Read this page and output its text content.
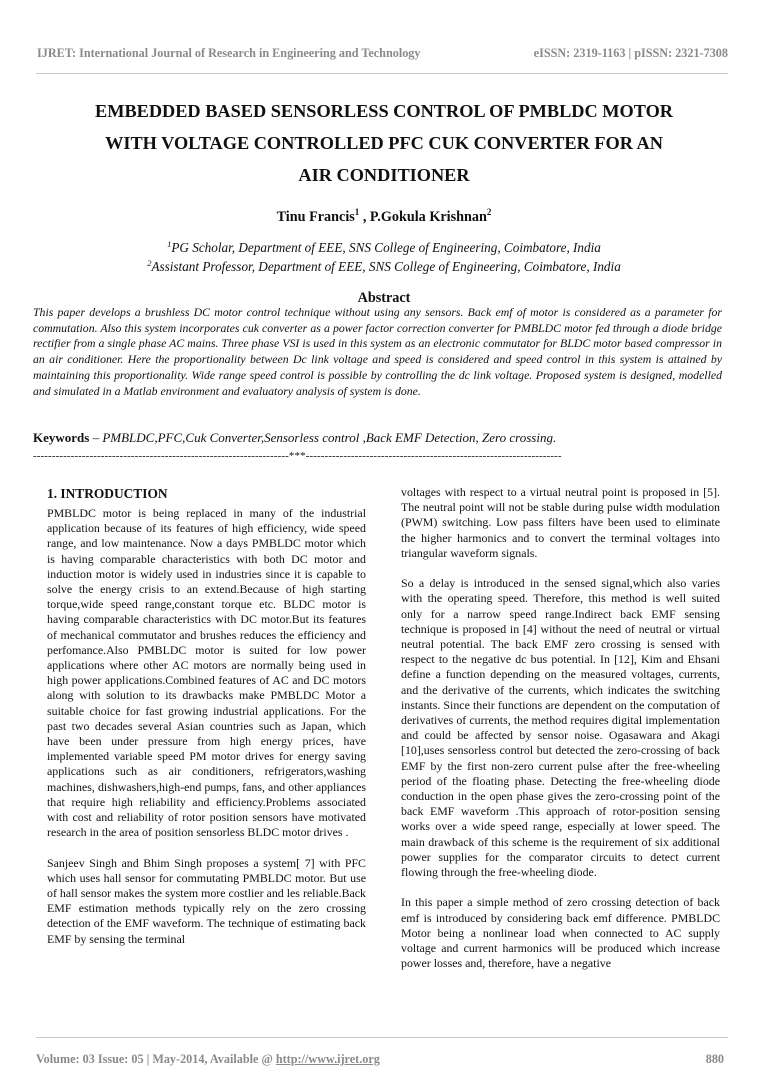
IJRET: International Journal of Research in Engineering and Technology	eISSN: 2319-1163 | pISSN: 2321-7308
EMBEDDED BASED SENSORLESS CONTROL OF PMBLDC MOTOR
WITH VOLTAGE CONTROLLED PFC CUK CONVERTER FOR AN
AIR CONDITIONER
Tinu Francis$^1$ , P.Gokula Krishnan$^2$
$^1$PG Scholar, Department of EEE, SNS College of Engineering, Coimbatore, India
$^2$Assistant Professor, Department of EEE, SNS College of Engineering, Coimbatore, India
Abstract
This paper develops a brushless DC motor control technique without using any sensors. Back emf of motor is considered as a parameter for commutation. Also this system incorporates cuk converter as a power factor correction converter for PMBLDC motor fed through a diode bridge rectifier from a single phase AC mains. Three phase VSI is used in this system as an electronic commutator for BLDC motor based compressor in an air conditioner. Here the proportionality between Dc link voltage and speed is considered and speed control in this system is attained by maintaining this proportionality. Wide range speed control is possible by controlling the dc link voltage. Proposed system is designed, modelled and simulated in a Matlab environment and evaluatory analysis of system is done.
Keywords – PMBLDC,PFC,Cuk Converter,Sensorless control ,Back EMF Detection, Zero crossing.
--------------------------------------------------------------------***--------------------------------------------------------------------
1. INTRODUCTION

PMBLDC motor is being replaced in many of the industrial application because of its features of high efficiency, wide speed range, and low maintenance. Now a days PMBLDC motor which is having comparable characteristics with both DC motor and induction motor is widely used in industries since it is capable to solve the energy crisis to an extend.Because of high starting torque,wide speed range,constant torque etc. BLDC motor is having comparable characteristics with DC motor.But its features of mechanical commutator and brushes reduces the efficiency and perfomance.Also PMBLDC motor is suited for low power applications where other AC motors are normally being used in high power applications.Combined features of AC and DC motors along with solution to its drawbacks make PMBLDC Motor a suitable choice for fast growing industrial applications. For the past two decades several Asian countries such as Japan, which have been under pressure from high energy prices, have implemented variable speed PM motor drives for energy saving applications such as air conditioners, refrigerators,washing machines, dishwashers,high-end pumps, fans, and other appliances that require high reliability and efficiency.Problems associated with cost and reliability of rotor position sensors have motivated research in the area of position sensorless BLDC motor drives .

Sanjeev Singh and Bhim Singh proposes a system[ 7] with PFC which uses hall sensor for commutating PMBLDC motor. But use of hall sensor makes the system more costlier and les reliable.Back EMF estimation methods typically rely on the zero crossing detection of the EMF waveform. The technique of estimating back EMF by sensing the terminal

voltages with respect to a virtual neutral point is proposed in [5]. The neutral point will not be stable during pulse width modulation (PWM) switching. Low pass filters have been used to eliminate the higher harmonics and to convert the terminal voltages into triangular waveform signals.

So a delay is introduced in the sensed signal,which also varies with the operating speed. Therefore, this method is well suited only for a narrow speed range.Indirect back EMF sensing technique is proposed in [4] without the need of neutral or virtual neutral potential. The back EMF zero crossing is sensed with respect to the negative dc bus potential. In [12], Kim and Ehsani define a function depending on the measured voltages, currents, and the derivative of the currents, which indicates the switching instants. Since their functions are dependent on the computation of derivatives of currents, the method requires digital implementation and could be affected by sensor noise. Ogasawara and Akagi [10],uses sensorless control but detected the zero-crossing of back EMF by the first non-zero current pulse after the free-wheeling period of the floating phase. Detecting the free-wheeling diode conduction in the open phase gives the zero-crossing point of the back EMF waveform .This approach of rotor-position sensing works over a wide speed range, especially at lower speed. The main drawback of this scheme is the requirement of six additional power supplies for the comparator circuits to detect current flowing through the free-wheeling diode.

In this paper a simple method of zero crossing detection of back emf is introduced by considering back emf difference. PMBLDC Motor being a nonlinear load when connected to AC supply voltage and current harmonics will be produced which increase power losses and, therefore, have a negative

Volume: 03 Issue: 05 | May-2014, Available @ http://www.ijret.org	880
